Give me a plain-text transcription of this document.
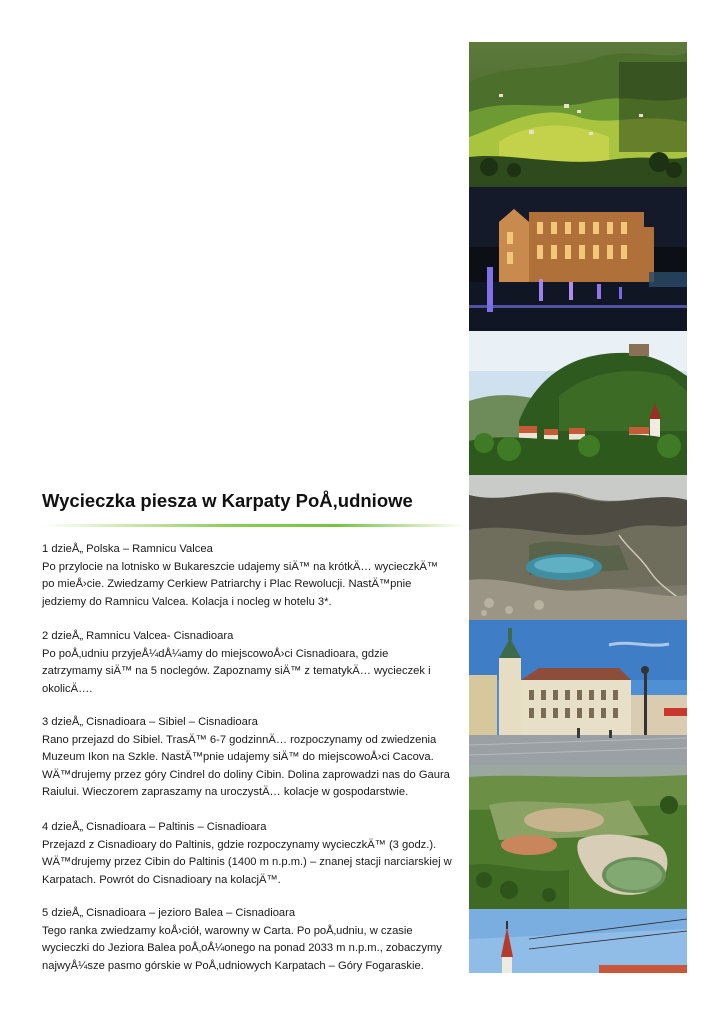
Wycieczka piesza w Karpaty PoÅ‚udniowe

1 dzieÅ„ Polska – Ramnicu Valcea

Po przylocie na lotnisko w Bukareszcie udajemy siÄ™ na krótkÄ… wycieczkÄ™

po mieÅ›cie. Zwiedzamy Cerkiew Patriarchy i Plac Rewolucji. NastÄ™pnie

jedziemy do Ramnicu Valcea. Kolacja i nocleg w hotelu 3*.

2 dzieÅ„ Ramnicu Valcea- Cisnadioara

Po poÅ‚udniu przyjeÅ¼dÅ¼amy do miejscowoÅ›ci Cisnadioara, gdzie

zatrzymamy siÄ™ na 5 noclegów. Zapoznamy siÄ™ z tematykÄ… wycieczek i

okolicÄ….

3 dzieÅ„ Cisnadioara – Sibiel – Cisnadioara

Rano przejazd do Sibiel. TrasÄ™ 6-7 godzinnÄ… rozpoczynamy od zwiedzenia

Muzeum Ikon na Szkle. NastÄ™pnie udajemy siÄ™ do miejscowoÅ›ci Cacova.

WÄ™drujemy przez góry Cindrel do doliny Cibin. Dolina zaprowadzi nas do Gaura

Raiului. Wieczorem zapraszamy na uroczystÄ… kolacje w gospodarstwie.

4 dzieÅ„ Cisnadioara – Paltinis – Cisnadioara

Przejazd z Cisnadioary do Paltinis, gdzie rozpoczynamy wycieczkÄ™ (3 godz.).

WÄ™drujemy przez Cibin do Paltinis (1400 m n.p.m.) – znanej stacji narciarskiej w

Karpatach. Powrót do Cisnadioary na kolacjÄ™.

5 dzieÅ„ Cisnadioara – jezioro Balea – Cisnadioara

Tego ranka zwiedzamy koÅ›ciół, warowny w Carta. Po poÅ‚udniu, w czasie

wycieczki do Jeziora Balea poÅ‚oÅ¼onego na ponad 2033 m n.p.m., zobaczymy

najwyÅ¼sze pasmo górskie w PoÅ‚udniowych Karpatach – Góry Fogaraskie.
